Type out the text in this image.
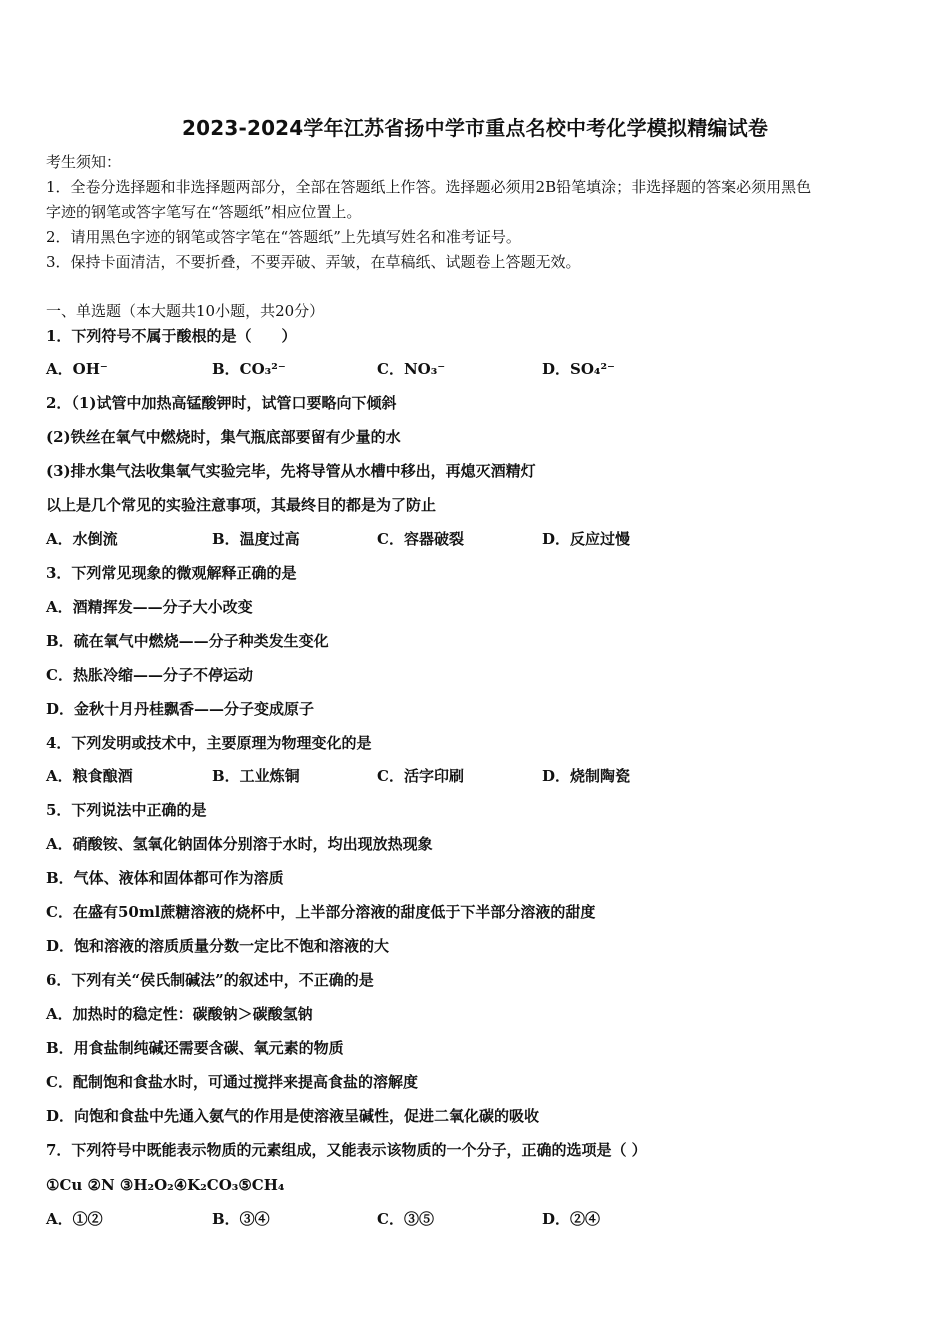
2023-2024学年江苏省扬中学市重点名校中考化学模拟精编试卷
考生须知：
1．全卷分选择题和非选择题两部分，全部在答题纸上作答。选择题必须用2B铅笔填涂；非选择题的答案必须用黑色
字迹的钢笔或答字笔写在“答题纸”相应位置上。
2．请用黑色字迹的钢笔或答字笔在“答题纸”上先填写姓名和准考证号。
3．保持卡面清洁，不要折叠，不要弄破、弄皱，在草稿纸、试题卷上答题无效。
一、单选题（本大题共10小题，共20分）
1．下列符号不属于酸根的是（　　）
A．OH⁻	B．CO₃²⁻	C．NO₃⁻	D．SO₄²⁻
2．（1)试管中加热高锰酸钾时，试管口要略向下倾斜
(2)铁丝在氧气中燃烧时，集气瓶底部要留有少量的水
(3)排水集气法收集氧气实验完毕，先将导管从水槽中移出，再熄灭酒精灯
以上是几个常见的实验注意事项，其最终目的都是为了防止
A．水倒流	B．温度过高	C．容器破裂	D．反应过慢
3．下列常见现象的微观解释正确的是
A．酒精挥发——分子大小改变
B．硫在氧气中燃烧——分子种类发生变化
C．热胀冷缩——分子不停运动
D．金秋十月丹桂飘香——分子变成原子
4．下列发明或技术中，主要原理为物理变化的是
A．粮食酿酒	B．工业炼铜	C．活字印刷	D．烧制陶瓷
5．下列说法中正确的是
A．硝酸铵、氢氧化钠固体分别溶于水时，均出现放热现象
B．气体、液体和固体都可作为溶质
C．在盛有50ml蔗糖溶液的烧杯中，上半部分溶液的甜度低于下半部分溶液的甜度
D．饱和溶液的溶质质量分数一定比不饱和溶液的大
6．下列有关“侯氏制碱法”的叙述中，不正确的是
A．加热时的稳定性：碳酸钠＞碳酸氢钠
B．用食盐制纯碱还需要含碳、氧元素的物质
C．配制饱和食盐水时，可通过搅拌来提高食盐的溶解度
D．向饱和食盐中先通入氨气的作用是使溶液呈碱性，促进二氧化碳的吸收
7．下列符号中既能表示物质的元素组成，又能表示该物质的一个分子，正确的选项是（ ）
①Cu ②N ③H₂O₂④K₂CO₃⑤CH₄
A．①②	B．③④	C．③⑤	D．②④
